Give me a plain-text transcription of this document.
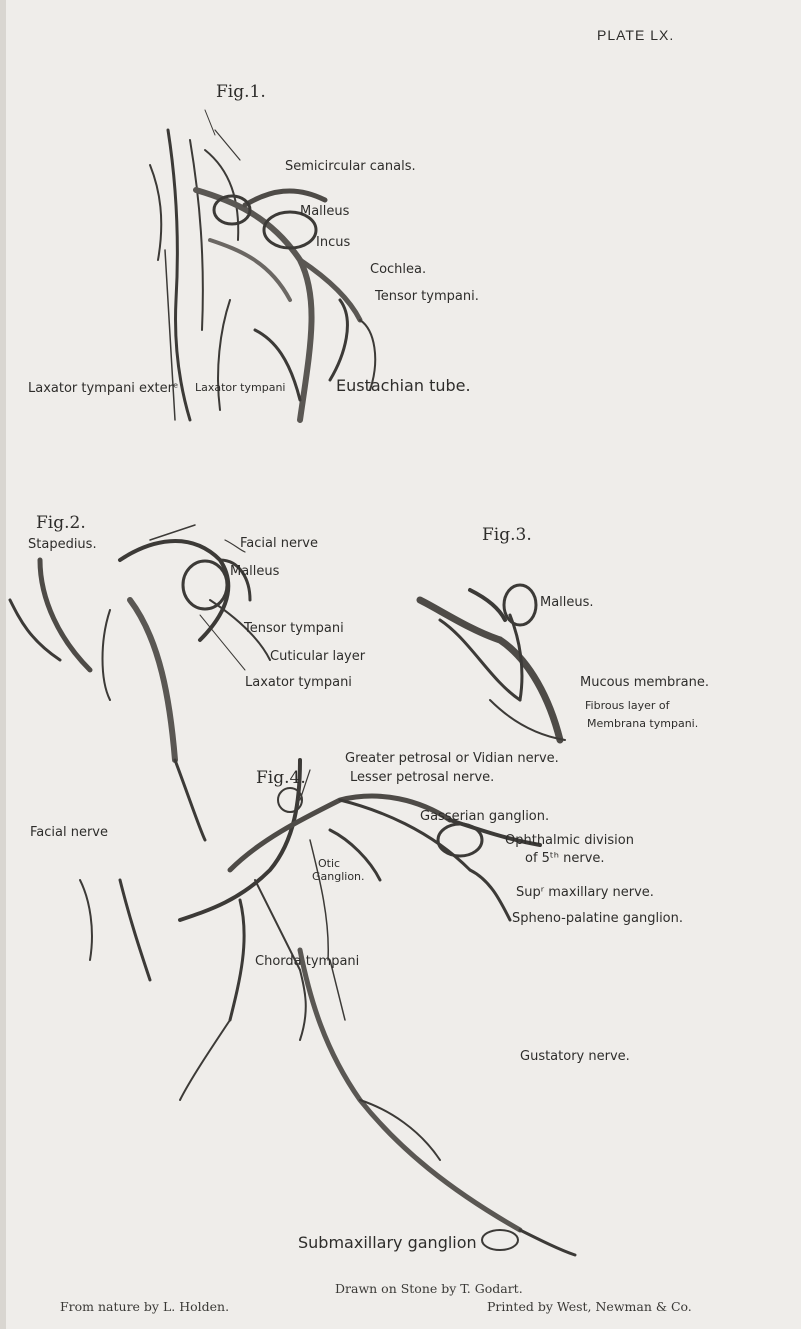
PLATE LX.
Fig.1.
Semicircular canals.
Malleus
Incus
Cochlea.
Tensor tympani.
Laxator tympani exterᵉ Laxator tympani	Eustachian tube.
Fig.2.
Stapedius.	Facial nerve
Malleus
Tensor tympani
Cuticular layer
Laxator tympani
Fig.3.
Malleus.
Mucous membrane.
Fibrous layer of
Membrana tympani.
Greater petrosal or Vidian nerve.
Fig.4.	Lesser petrosal nerve.
Gasserian ganglion.
Ophthalmic division
of 5ᵗʰ nerve.
Facial nerve
Otic
Ganglion.
Supʳ maxillary nerve.
Spheno-palatine ganglion.
Chorda tympani
Gustatory nerve.
Submaxillary ganglion
Drawn on Stone by T. Godart.
From nature by L. Holden.	Printed by West, Newman & Co.
